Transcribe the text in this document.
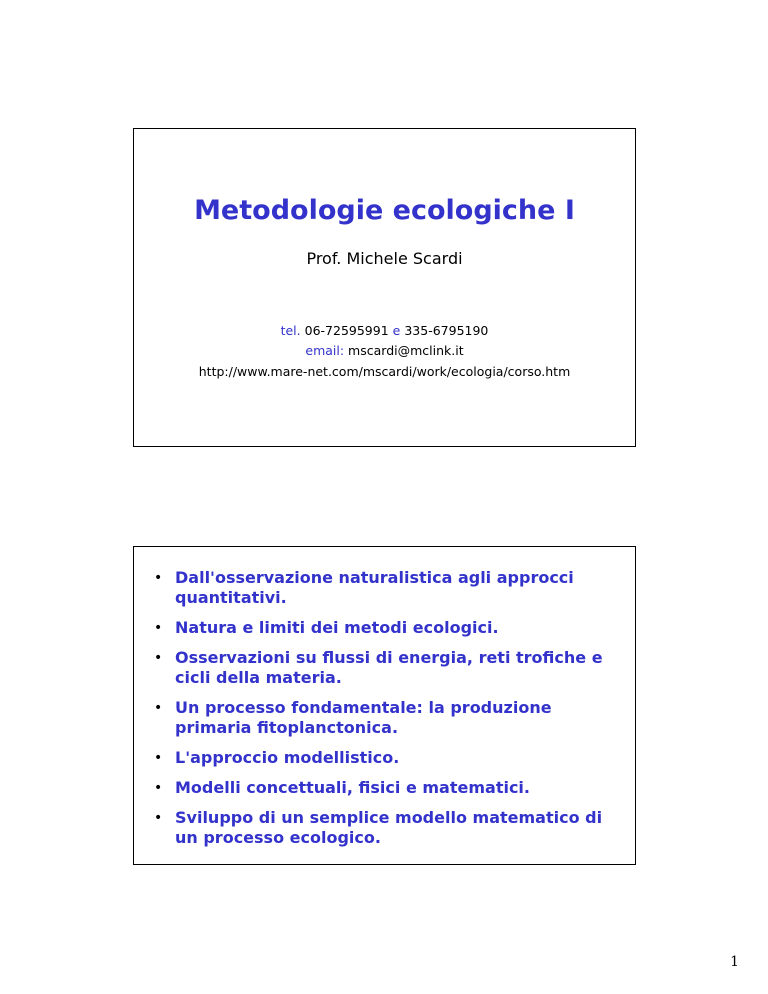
Metodologie ecologiche I
Prof. Michele Scardi
tel. 06-72595991 e 335-6795190
email: mscardi@mclink.it
http://www.mare-net.com/mscardi/work/ecologia/corso.htm
• Dall'osservazione naturalistica agli approcci quantitativi.
• Natura e limiti dei metodi ecologici.
• Osservazioni su flussi di energia, reti trofiche e cicli della materia.
• Un processo fondamentale: la produzione primaria fitoplanctonica.
• L'approccio modellistico.
• Modelli concettuali, fisici e matematici.
• Sviluppo di un semplice modello matematico di un processo ecologico.
1
